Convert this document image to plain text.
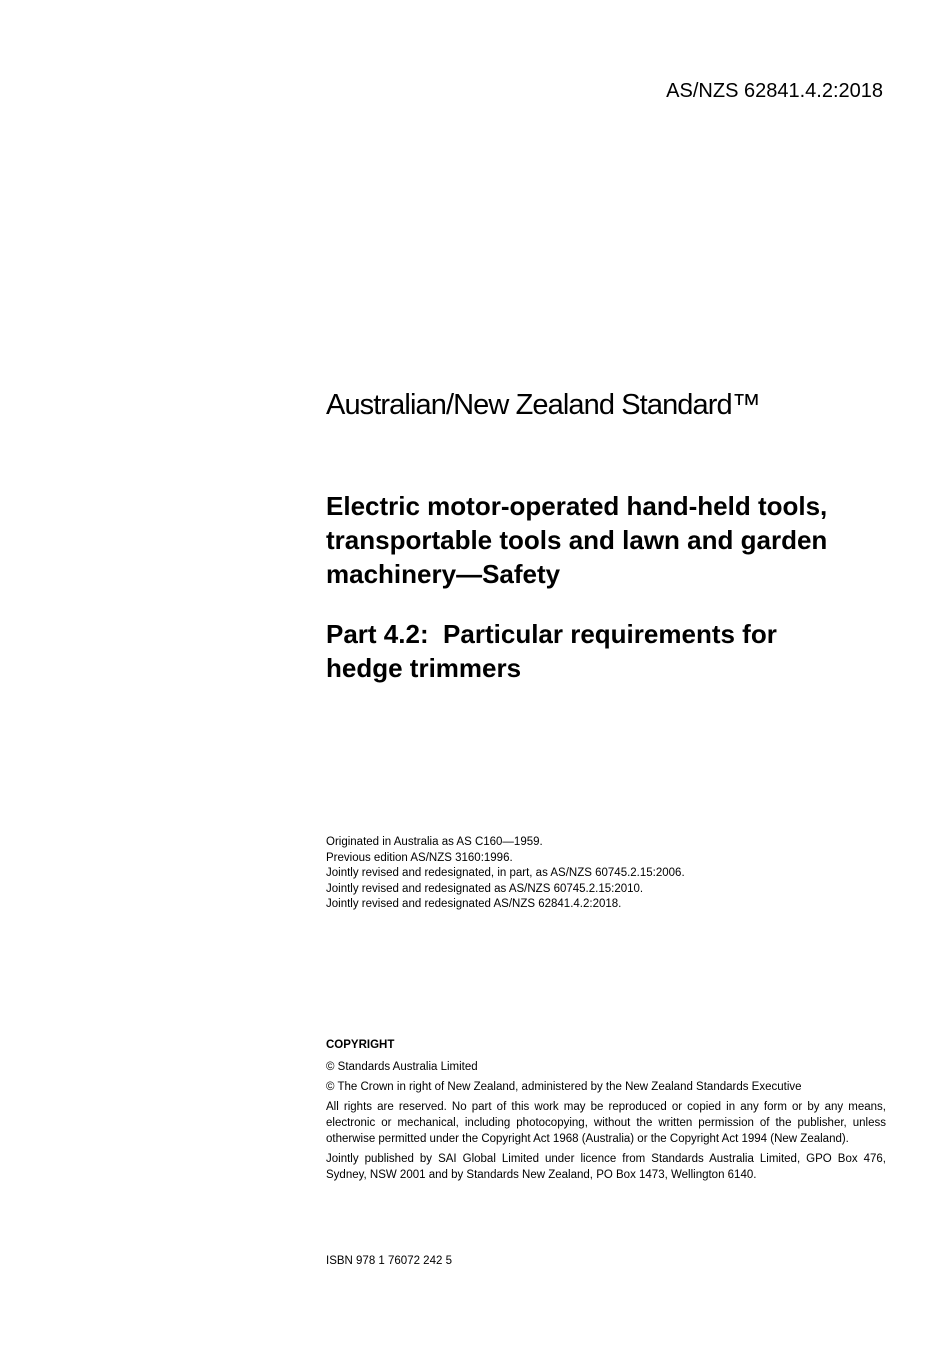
AS/NZS 62841.4.2:2018
Australian/New Zealand Standard™
Electric motor-operated hand-held tools,
transportable tools and lawn and garden
machinery—Safety
Part 4.2:  Particular requirements for
hedge trimmers
Originated in Australia as AS C160—1959.
Previous edition AS/NZS 3160:1996.
Jointly revised and redesignated, in part, as AS/NZS 60745.2.15:2006.
Jointly revised and redesignated as AS/NZS 60745.2.15:2010.
Jointly revised and redesignated AS/NZS 62841.4.2:2018.

COPYRIGHT

© Standards Australia Limited

© The Crown in right of New Zealand, administered by the New Zealand Standards Executive

All rights are reserved. No part of this work may be reproduced or copied in any form or by any means, electronic or mechanical, including photocopying, without the written permission of the publisher, unless otherwise permitted under the Copyright Act 1968 (Australia) or the Copyright Act 1994 (New Zealand).

Jointly published by SAI Global Limited under licence from Standards Australia Limited, GPO Box 476, Sydney, NSW 2001 and by Standards New Zealand, PO Box 1473, Wellington 6140.

ISBN 978 1 76072 242 5
